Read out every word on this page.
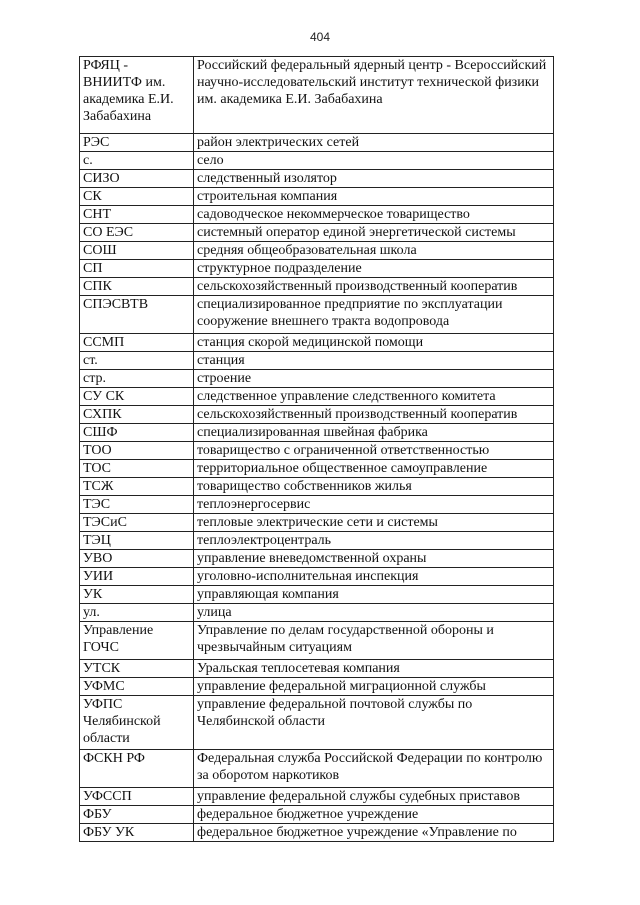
404
РФЯЦ - ВНИИТФ им. академика Е.И. Забабахина	Российский федеральный ядерный центр - Всероссийский научно-исследовательский институт технической физики им. академика Е.И. Забабахина
РЭС	район электрических сетей
с.	село
СИЗО	следственный изолятор
СК	строительная компания
СНТ	садоводческое некоммерческое товарищество
СО ЕЭС	системный оператор единой энергетической системы
СОШ	средняя общеобразовательная школа
СП	структурное подразделение
СПК	сельскохозяйственный производственный кооператив
СПЭСВТВ	специализированное предприятие по эксплуатации сооружение внешнего тракта водопровода
ССМП	станция скорой медицинской помощи
ст.	станция
стр.	строение
СУ СК	следственное управление следственного комитета
СХПК	сельскохозяйственный производственный кооператив
СШФ	специализированная швейная фабрика
ТОО	товарищество с ограниченной ответственностью
ТОС	территориальное общественное самоуправление
ТСЖ	товарищество собственников жилья
ТЭС	теплоэнергосервис
ТЭСиС	тепловые электрические сети и системы
ТЭЦ	теплоэлектроцентраль
УВО	управление вневедомственной охраны
УИИ	уголовно-исполнительная инспекция
УК	управляющая компания
ул.	улица
Управление ГОЧС	Управление по делам государственной обороны и чрезвычайным ситуациям
УТСК	Уральская теплосетевая компания
УФМС	управление федеральной миграционной службы
УФПС Челябинской области	управление федеральной почтовой службы по Челябинской области
ФСКН РФ	Федеральная служба Российской Федерации по контролю за оборотом наркотиков
УФССП	управление федеральной службы судебных приставов
ФБУ	федеральное бюджетное учреждение
ФБУ УК	федеральное бюджетное учреждение «Управление по
